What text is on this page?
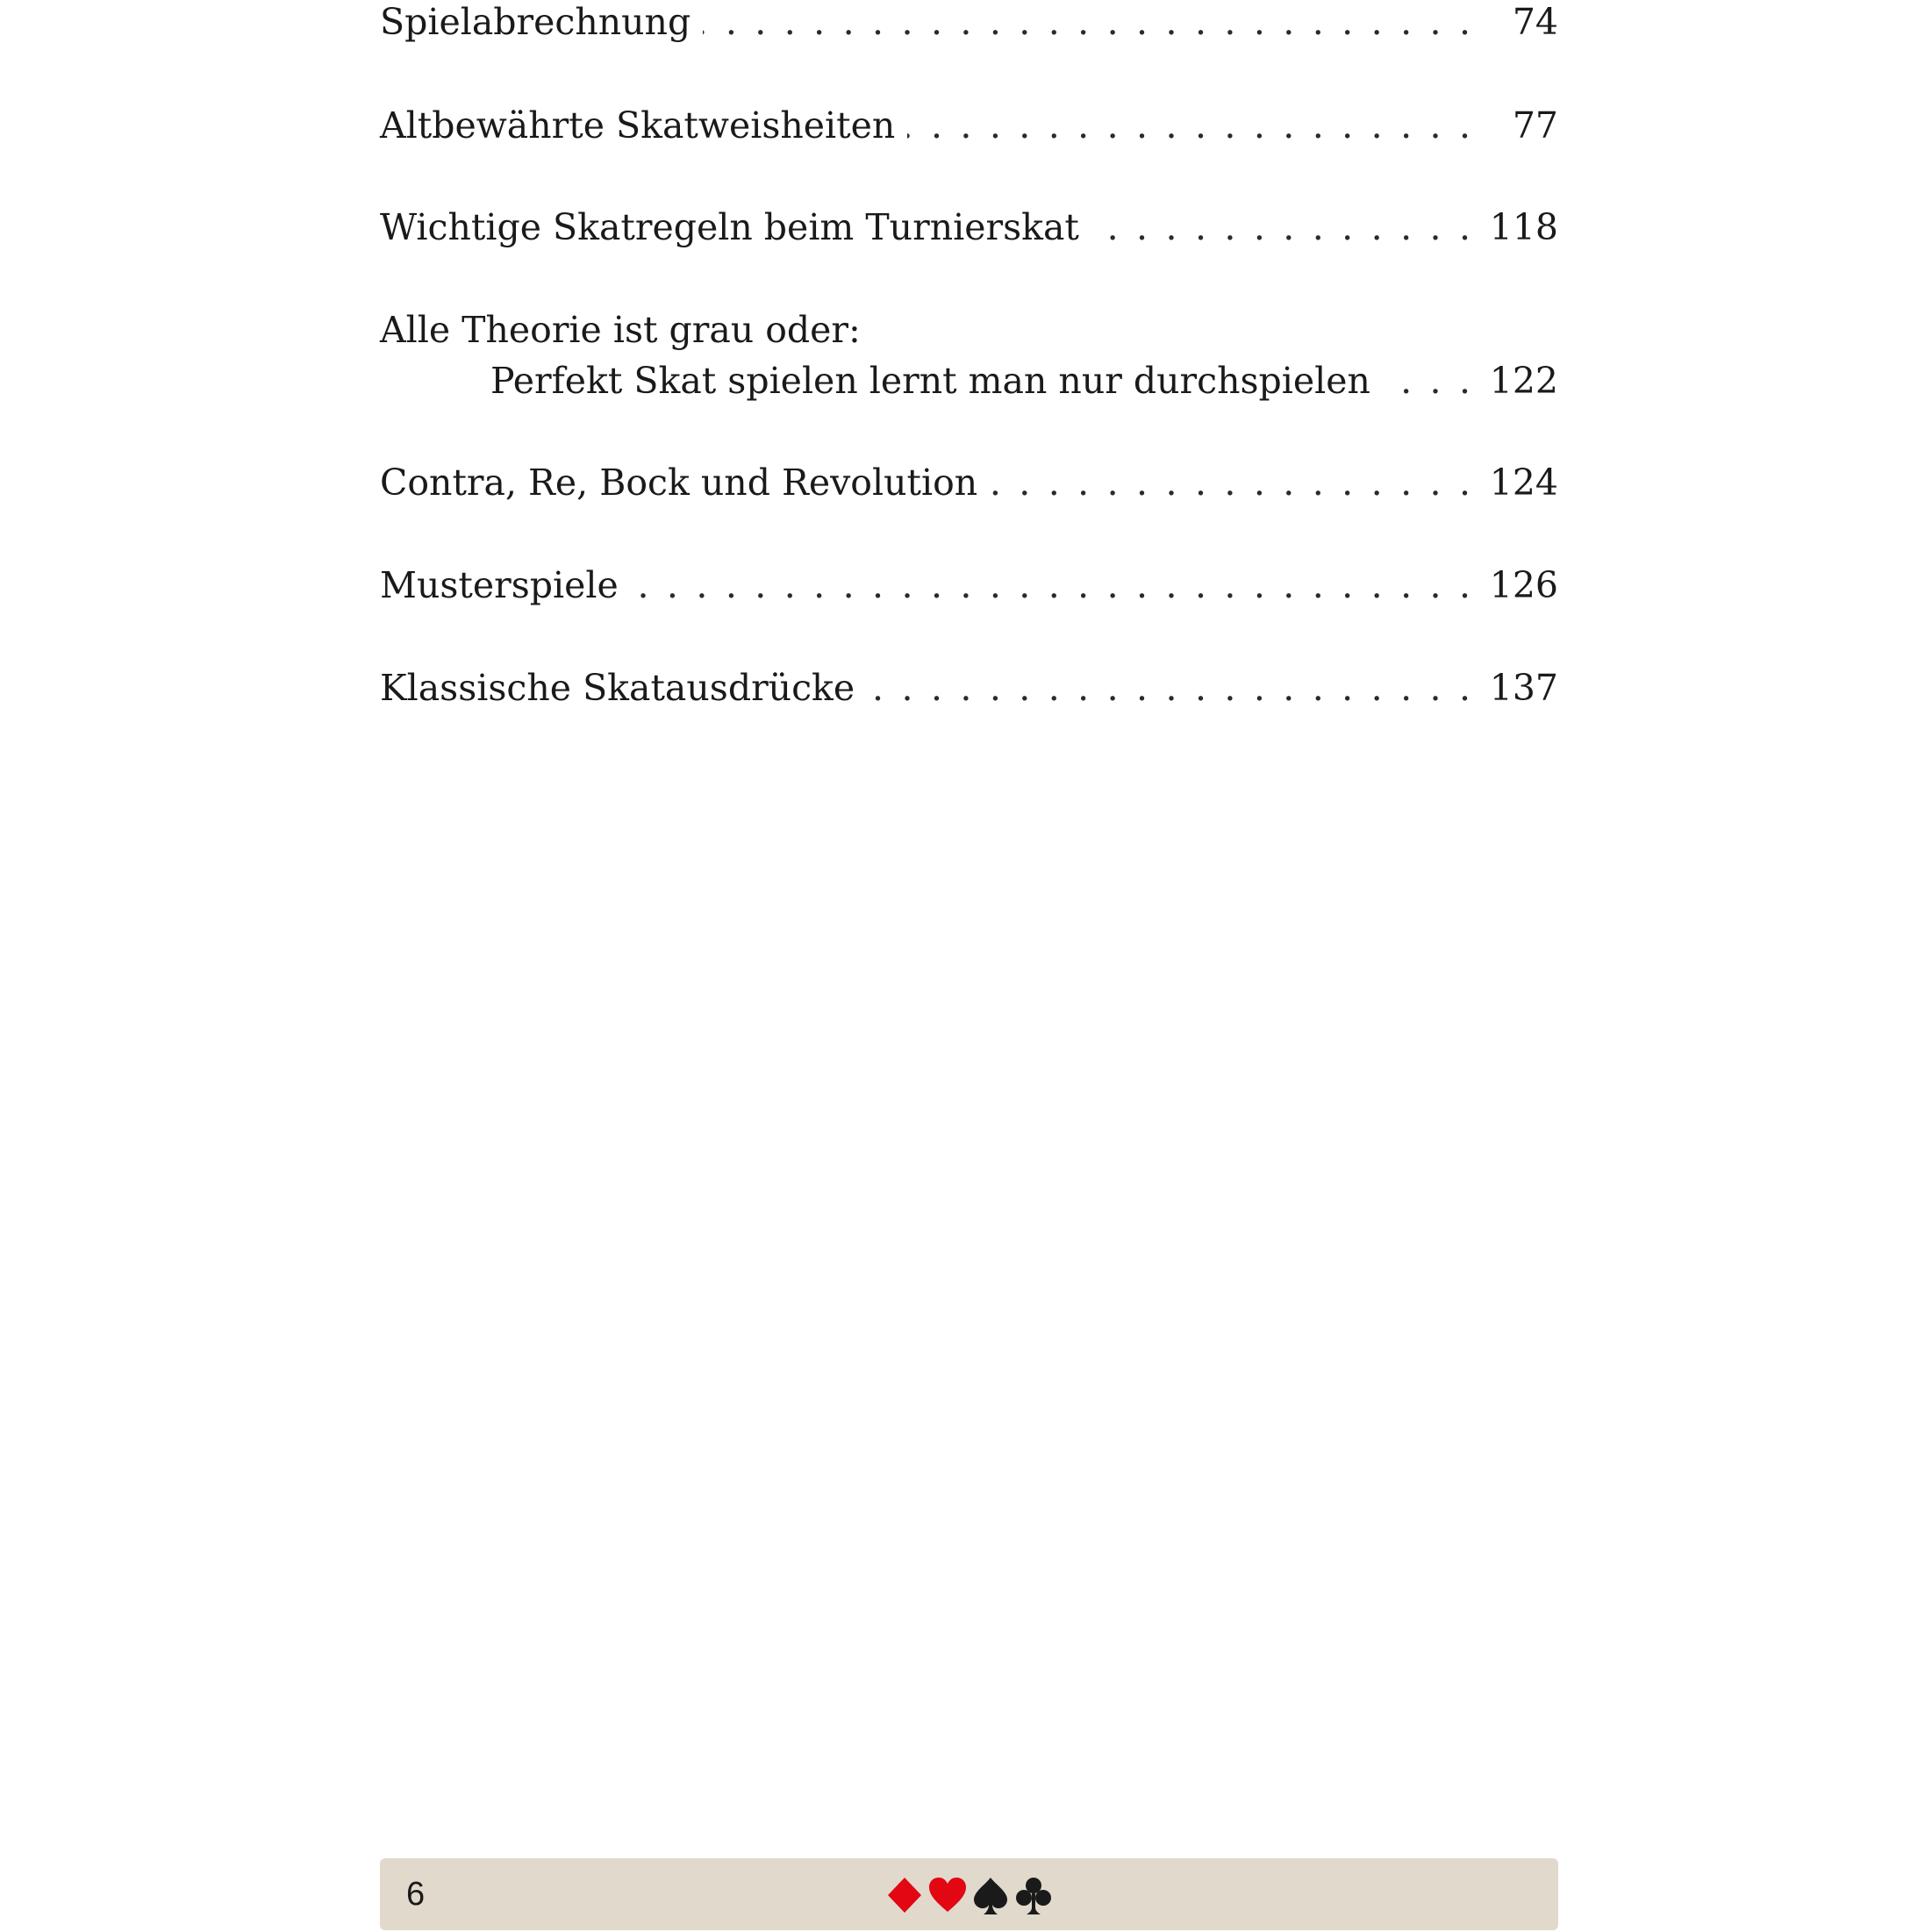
Spielabrechnung . . .	74
Altbewährte Skatweisheiten . . .	77
Wichtige Skatregeln beim Turnierskat . . .	118
Alle Theorie ist grau oder:
Perfekt Skat spielen lernt man nur durchspielen . . .	122
Contra, Re, Bock und Revolution . . .	124
Musterspiele . . .	126
Klassische Skatausdrücke . . .	137
6
